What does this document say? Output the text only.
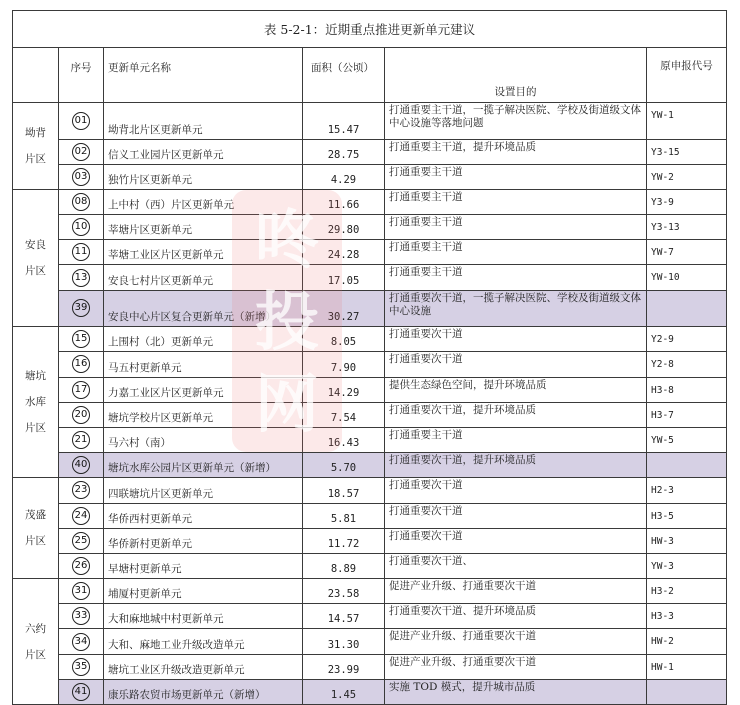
表 5-2-1：近期重点推进更新单元建议					
	序号	更新单元名称	面积（公顷）	设置目的	原申报代号

坳背
片区	01	坳背北片区更新单元	15.47	打通重要主干道，一揽子解决医院、学校及街道级文体中心设施等落地问题	YW-1
	02	信义工业园片区更新单元	28.75	打通重要主干道，提升环境品质	Y3-15
	03	独竹片区更新单元	4.29	打通重要主干道	YW-2

安良
片区	08	上中村（西）片区更新单元	11.66	打通重要主干道	Y3-9
	10	莘塘片区更新单元	29.80	打通重要主干道	Y3-13
	11	莘塘工业区片区更新单元	24.28	打通重要主干道	YW-7
	13	安良七村片区更新单元	17.05	打通重要主干道	YW-10
	39	安良中心片区复合更新单元（新增）	30.27	打通重要次干道，一揽子解决医院、学校及街道级文体中心设施	

塘坑
水库
片区	15	上围村（北）更新单元	8.05	打通重要次干道	Y2-9
	16	马五村更新单元	7.90	打通重要次干道	Y2-8
	17	力嘉工业区片区更新单元	14.29	提供生态绿色空间，提升环境品质	H3-8
	20	塘坑学校片区更新单元	7.54	打通重要次干道，提升环境品质	H3-7
	21	马六村（南）	16.43	打通重要主干道	YW-5
	40	塘坑水库公园片区更新单元（新增）	5.70	打通重要次干道，提升环境品质	

茂盛
片区	23	四联塘坑片区更新单元	18.57	打通重要次干道	H2-3
	24	华侨西村更新单元	5.81	打通重要次干道	H3-5
	25	华侨新村更新单元	11.72	打通重要次干道	HW-3
	26	早塘村更新单元	8.89	打通重要次干道、	YW-3

六约
片区	31	埔厦村更新单元	23.58	促进产业升级、打通重要次干道	H3-2
	33	大和麻地城中村更新单元	14.57	打通重要次干道、提升环境品质	H3-3
	34	大和、麻地工业升级改造单元	31.30	促进产业升级、打通重要次干道	HW-2
	35	塘坑工业区升级改造更新单元	23.99	促进产业升级、打通重要次干道	HW-1
	41	康乐路农贸市场更新单元（新增）	1.45	实施 TOD 模式，提升城市品质	
咚
投
网
